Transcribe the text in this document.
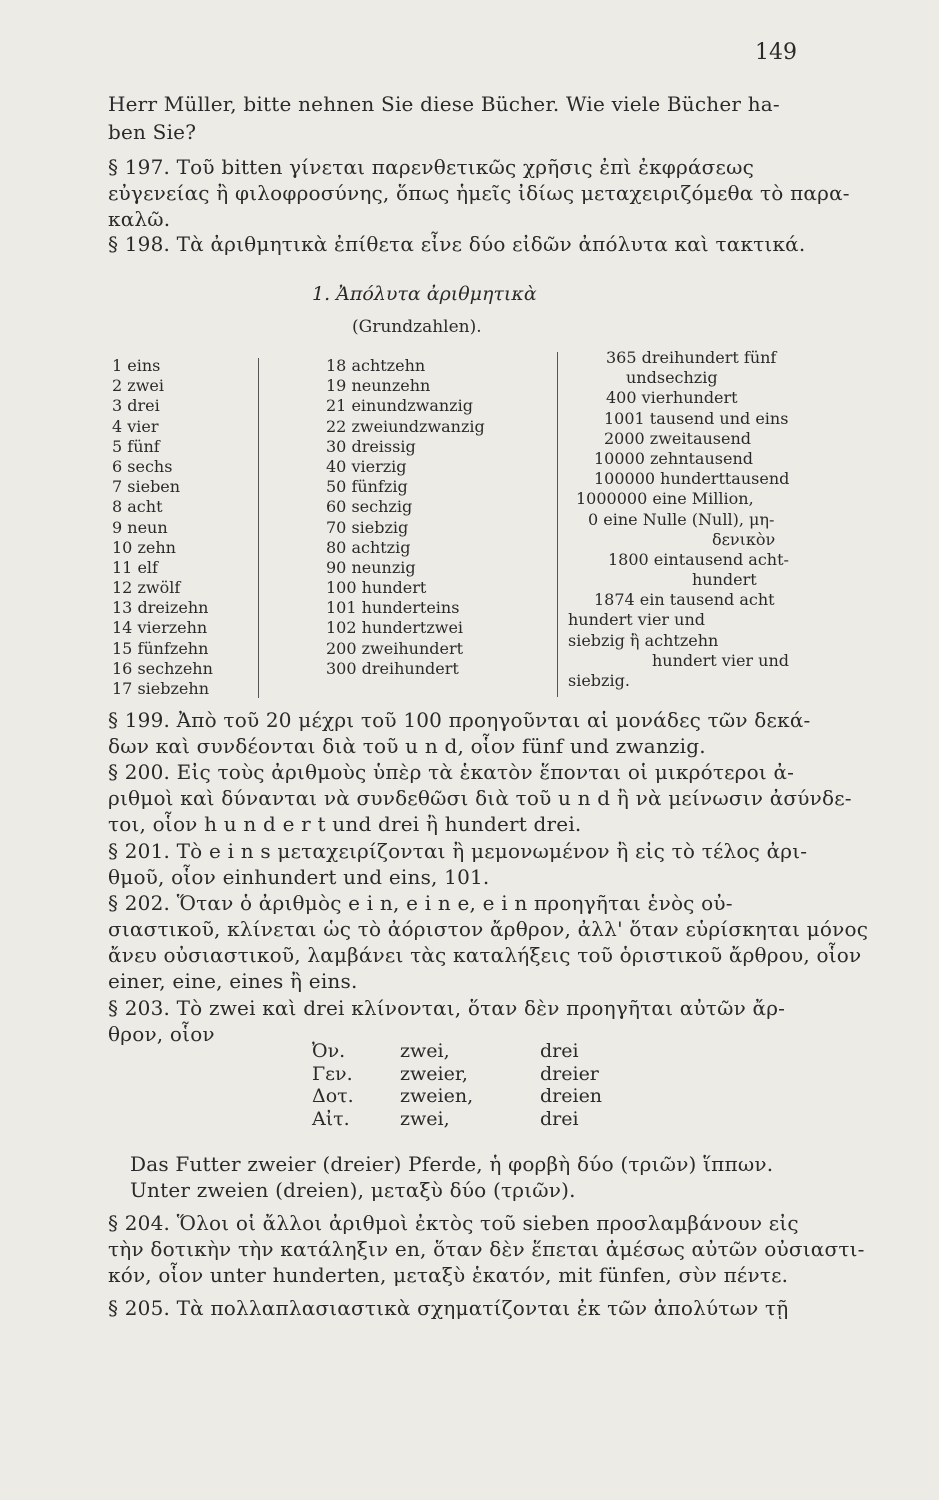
149
Herr Müller, bitte nehnen Sie diese Bücher. Wie viele Bücher ha-
ben Sie?
§ 197. Τοῦ bitten γίνεται παρενθετικῶς χρῆσις ἐπὶ ἐκφράσεως
εὐγενείας ἢ φιλοφροσύνης, ὅπως ἡμεῖς ἰδίως μεταχειριζόμεθα τὸ παρα-
καλῶ.
§ 198. Τὰ ἀριθμητικὰ ἐπίθετα εἶνε δύο εἰδῶν ἀπόλυτα καὶ τακτικά.
1. Ἀπόλυτα ἀριθμητικὰ
(Grundzahlen).
1 eins
2 zwei
3 drei
4 vier
5 fünf
6 sechs
7 sieben
8 acht
9 neun
10 zehn
11 elf
12 zwölf
13 dreizehn
14 vierzehn
15 fünfzehn
16 sechzehn
17 siebzehn
18 achtzehn
19 neunzehn
21 einundzwanzig
22 zweiundzwanzig
30 dreissig
40 vierzig
50 fünfzig
60 sechzig
70 siebzig
80 achtzig
90 neunzig
100 hundert
101 hunderteins
102 hundertzwei
200 zweihundert
300 dreihundert
365 dreihundert fünf
undsechzig
400 vierhundert
1001 tausend und eins
2000 zweitausend
10000 zehntausend
100000 hunderttausend
1000000 eine Million,
0 eine Nulle (Null), μη-
δενικὸν
1800 eintausend acht-
hundert
1874 ein tausend acht
hundert vier und
siebzig ἢ achtzehn
hundert vier und
siebzig.
§ 199. Ἀπὸ τοῦ 20 μέχρι τοῦ 100 προηγοῦνται αἱ μονάδες τῶν δεκά-
δων καὶ συνδέονται διὰ τοῦ u n d, οἷον fünf und zwanzig.
§ 200. Εἰς τοὺς ἀριθμοὺς ὑπὲρ τὰ ἑκατὸν ἕπονται οἱ μικρότεροι ἀ-
ριθμοὶ καὶ δύνανται νὰ συνδεθῶσι διὰ τοῦ u n d ἢ νὰ μείνωσιν ἀσύνδε-
τοι, οἷον h u n d e r t und drei ἢ hundert drei.
§ 201. Τὸ e i n s μεταχειρίζονται ἢ μεμονωμένον ἢ εἰς τὸ τέλος ἀρι-
θμοῦ, οἷον einhundert und eins, 101.
§ 202. Ὅταν ὁ ἀριθμὸς e i n, e i n e, e i n προηγῆται ἑνὸς οὐ-
σιαστικοῦ, κλίνεται ὡς τὸ ἀόριστον ἄρθρον, ἀλλ' ὅταν εὑρίσκηται μόνος
ἄνευ οὐσιαστικοῦ, λαμβάνει τὰς καταλήξεις τοῦ ὁριστικοῦ ἄρθρου, οἷον
einer, eine, eines ἢ eins.
§ 203. Τὸ zwei καὶ drei κλίνονται, ὅταν δὲν προηγῆται αὐτῶν ἄρ-
θρον, οἷον
Ὀν.	zwei,	drei
Γεν. zweier,	dreier
Δοτ. zweien,	dreien
Αἰτ.	zwei,	drei
Das Futter zweier (dreier) Pferde, ἡ φορβὴ δύο (τριῶν) ἵππων.
Unter zweien (dreien), μεταξὺ δύο (τριῶν).
§ 204. Ὅλοι οἱ ἄλλοι ἀριθμοὶ ἐκτὸς τοῦ sieben προσλαμβάνουν εἰς
τὴν δοτικὴν τὴν κατάληξιν en, ὅταν δὲν ἕπεται ἀμέσως αὐτῶν οὐσιαστι-
κόν, οἷον unter hunderten, μεταξὺ ἑκατόν, mit fünfen, σὺν πέντε.
§ 205. Τὰ πολλαπλασιαστικὰ σχηματίζονται ἐκ τῶν ἀπολύτων τῇ
